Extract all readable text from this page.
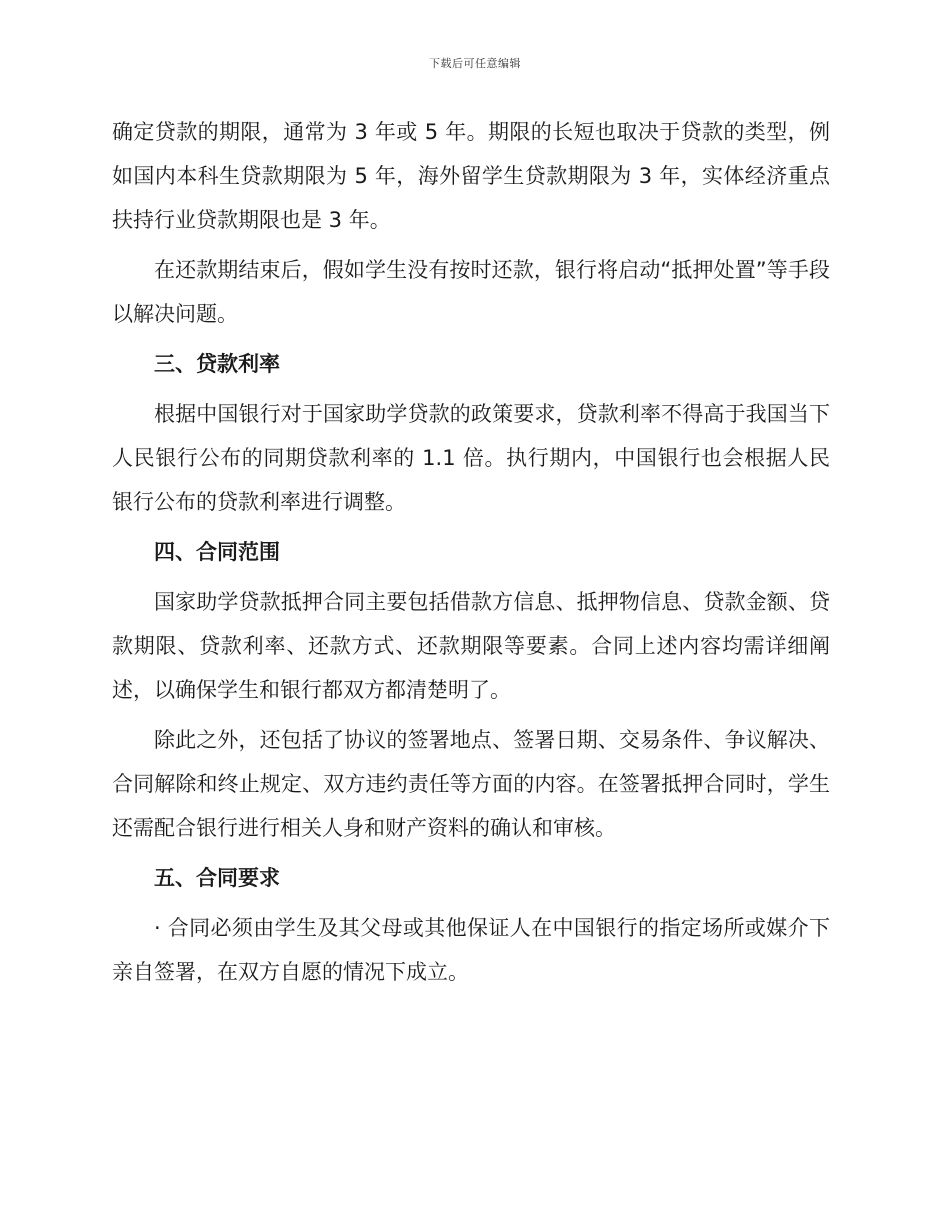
下载后可任意编辑

确定贷款的期限，通常为 3 年或 5 年。期限的长短也取决于贷款的类型，例如国内本科生贷款期限为 5 年，海外留学生贷款期限为 3 年，实体经济重点扶持行业贷款期限也是 3 年。

在还款期结束后，假如学生没有按时还款，银行将启动“抵押处置”等手段以解决问题。

三、贷款利率

根据中国银行对于国家助学贷款的政策要求，贷款利率不得高于我国当下人民银行公布的同期贷款利率的 1.1 倍。执行期内，中国银行也会根据人民银行公布的贷款利率进行调整。

四、合同范围

国家助学贷款抵押合同主要包括借款方信息、抵押物信息、贷款金额、贷款期限、贷款利率、还款方式、还款期限等要素。合同上述内容均需详细阐述，以确保学生和银行都双方都清楚明了。

除此之外，还包括了协议的签署地点、签署日期、交易条件、争议解决、合同解除和终止规定、双方违约责任等方面的内容。在签署抵押合同时，学生还需配合银行进行相关人身和财产资料的确认和审核。

五、合同要求

· 合同必须由学生及其父母或其他保证人在中国银行的指定场所或媒介下亲自签署，在双方自愿的情况下成立。
